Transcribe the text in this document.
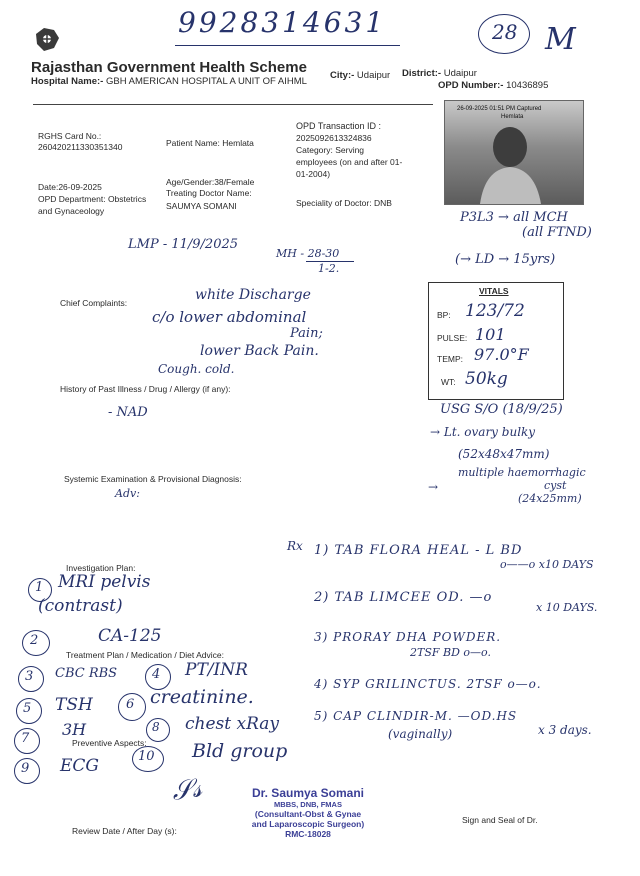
9928314631	28 M
Rajasthan Government Health Scheme
Hospital Name:- GBH AMERICAN HOSPITAL A UNIT OF AIHML
City:- Udaipur District:- Udaipur
OPD Number:- 10436895
26-09-2025 01:51 PM Captured
Hemlata
RGHS Card No.:
260420211330351340	Patient Name: Hemlata
OPD Transaction ID :
2025092613324836
Category: Serving
employees (on and after 01-
01-2004)
Date:26-09-2025
OPD Department: Obstetrics
and Gynaceology
Age/Gender:38/Female
Treating Doctor Name:
SAUMYA SOMANI	Speciality of Doctor: DNB
P3L3 → all MCH
(all FTND)
(→ LD → 15yrs)
LMP - 11/9/2025
MH - 28-30
1-2.
Chief Complaints:	white Discharge
c/o lower abdominal
Pain;
lower Back Pain.
Cough. cold.
VITALS
BP: 123/72
PULSE: 101
TEMP: 97.0°F
WT: 50kg
History of Past Illness / Drug / Allergy (if any):
- NAD	USG S/O (18/9/25)
→ Lt. ovary bulky
(52x48x47mm)
multiple haemorrhagic
cyst
(24x25mm)
→
Systemic Examination & Provisional Diagnosis:
Adv:
Investigation Plan:
1 MRI pelvis
(contrast)
2	CA-125
Treatment Plan / Medication / Diet Advice:
3 CBC RBS	4 PT/INR
5 TSH	6 creatinine.
7 3H	8 chest xRay
Preventive Aspects:
9 ECG	10 Bld group
Rx 1) TAB FLORA HEAL - L BD
o——o x10 DAYS
2) TAB LIMCEE OD. —o
x 10 DAYS.
3) PRORAY DHA POWDER.
2TSF BD o—o.
4) SYP GRILINCTUS. 2TSF o—o.
5) CAP CLINDIR-M. —OD.HS
(vaginally)	x 3 days.
𝒮𝓈	Dr. Saumya Somani
MBBS, DNB, FMAS
(Consultant-Obst & Gynae
and Laparoscopic Surgeon)
RMC-18028
Review Date / After Day (s):
Sign and Seal of Dr.
